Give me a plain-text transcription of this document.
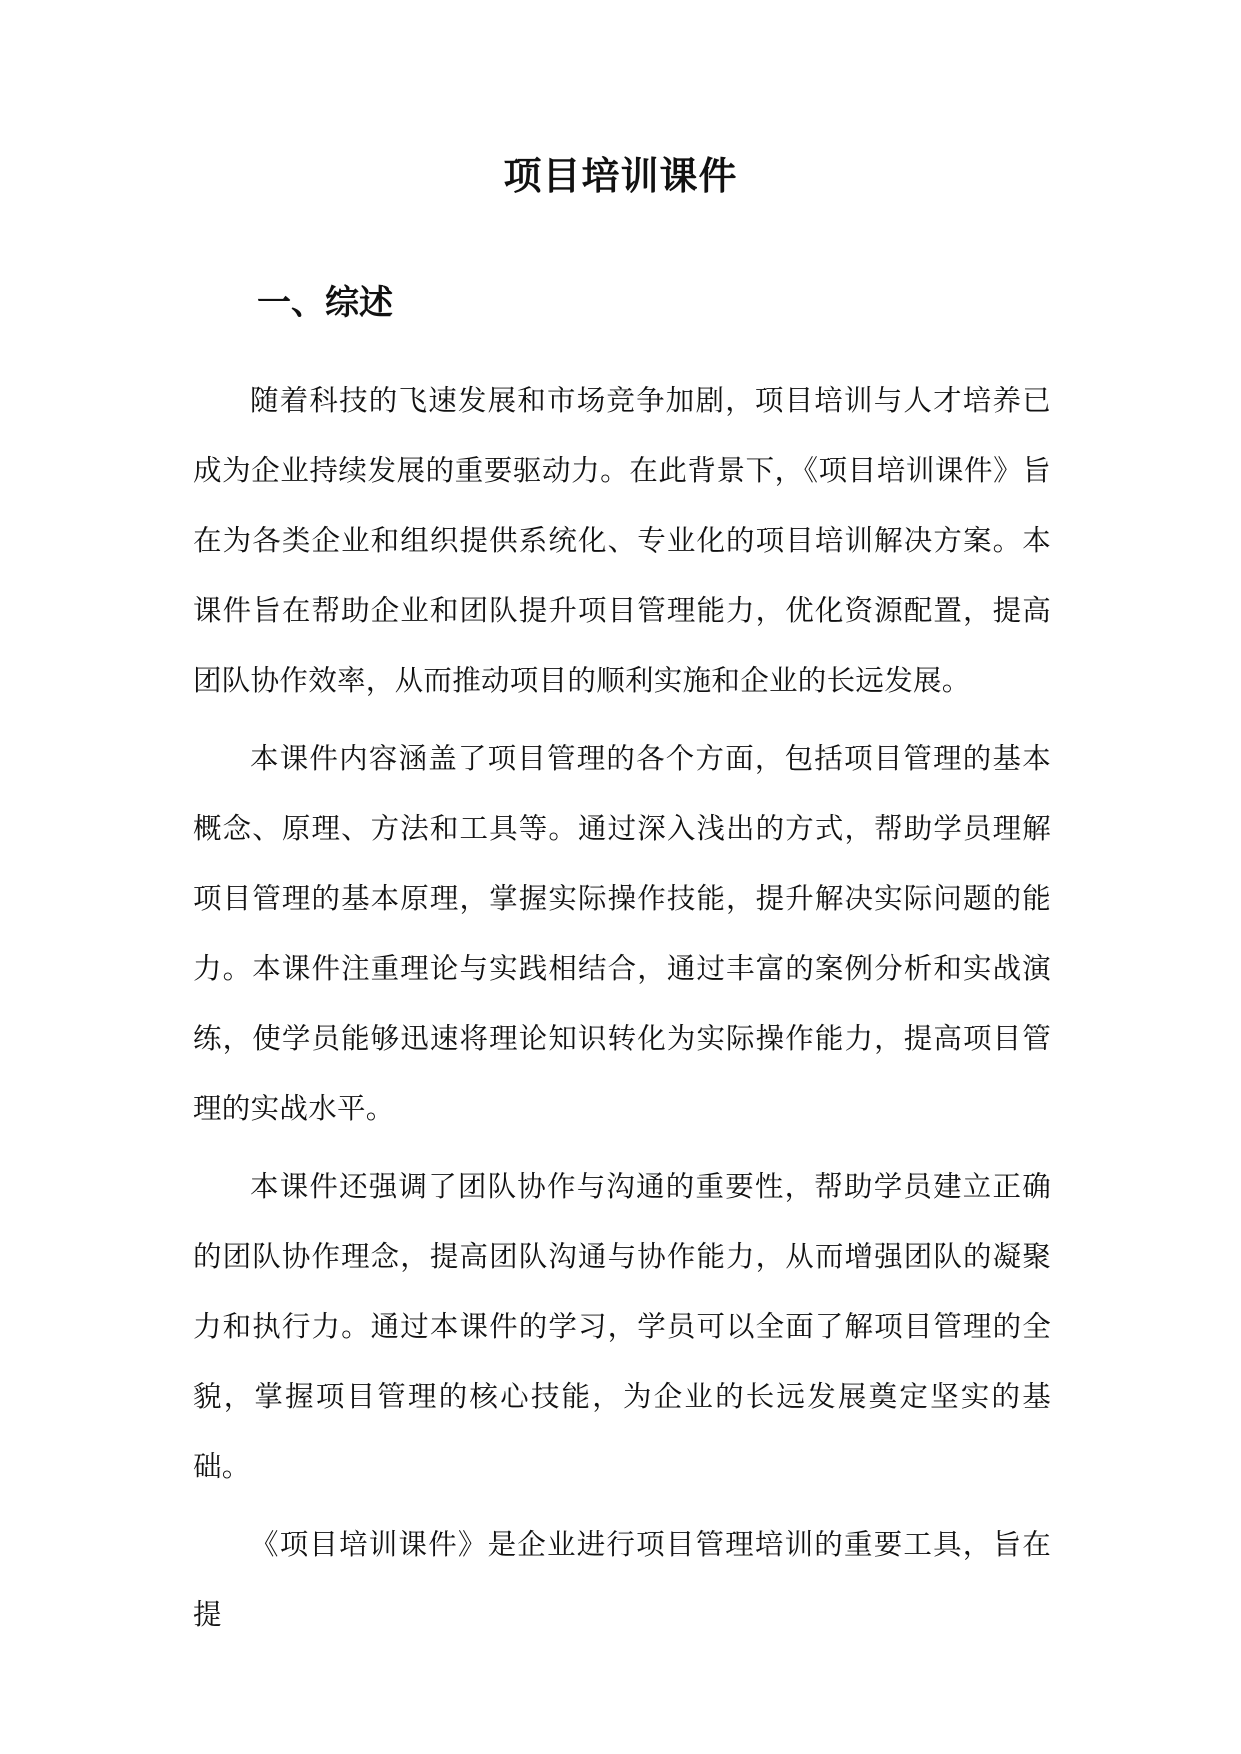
项目培训课件
一、综述

随着科技的飞速发展和市场竞争加剧，项目培训与人才培养已成为企业持续发展的重要驱动力。在此背景下，《项目培训课件》旨在为各类企业和组织提供系统化、专业化的项目培训解决方案。本课件旨在帮助企业和团队提升项目管理能力，优化资源配置，提高团队协作效率，从而推动项目的顺利实施和企业的长远发展。

本课件内容涵盖了项目管理的各个方面，包括项目管理的基本概念、原理、方法和工具等。通过深入浅出的方式，帮助学员理解项目管理的基本原理，掌握实际操作技能，提升解决实际问题的能力。本课件注重理论与实践相结合，通过丰富的案例分析和实战演练，使学员能够迅速将理论知识转化为实际操作能力，提高项目管理的实战水平。

本课件还强调了团队协作与沟通的重要性，帮助学员建立正确的团队协作理念，提高团队沟通与协作能力，从而增强团队的凝聚力和执行力。通过本课件的学习，学员可以全面了解项目管理的全貌，掌握项目管理的核心技能，为企业的长远发展奠定坚实的基础。

《项目培训课件》是企业进行项目管理培训的重要工具，旨在提
